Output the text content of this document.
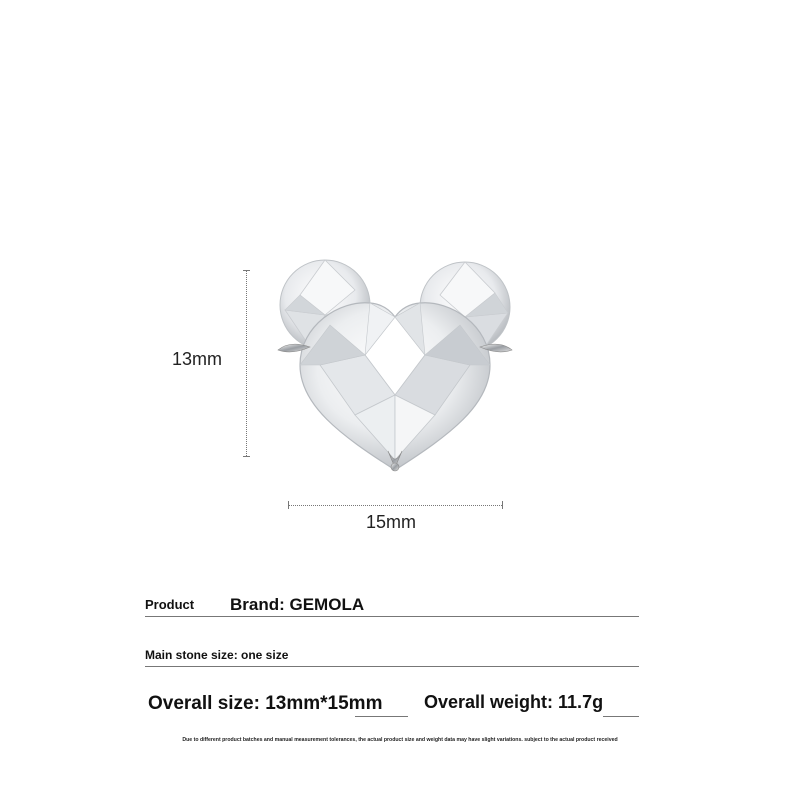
13mm
15mm
Product Brand: GEMOLA
Main stone size: one size
Overall size: 13mm*15mm Overall weight: 11.7g
Due to different product batches and manual measurement tolerances, the actual product size and weight data may have slight variations. subject to the actual product received
